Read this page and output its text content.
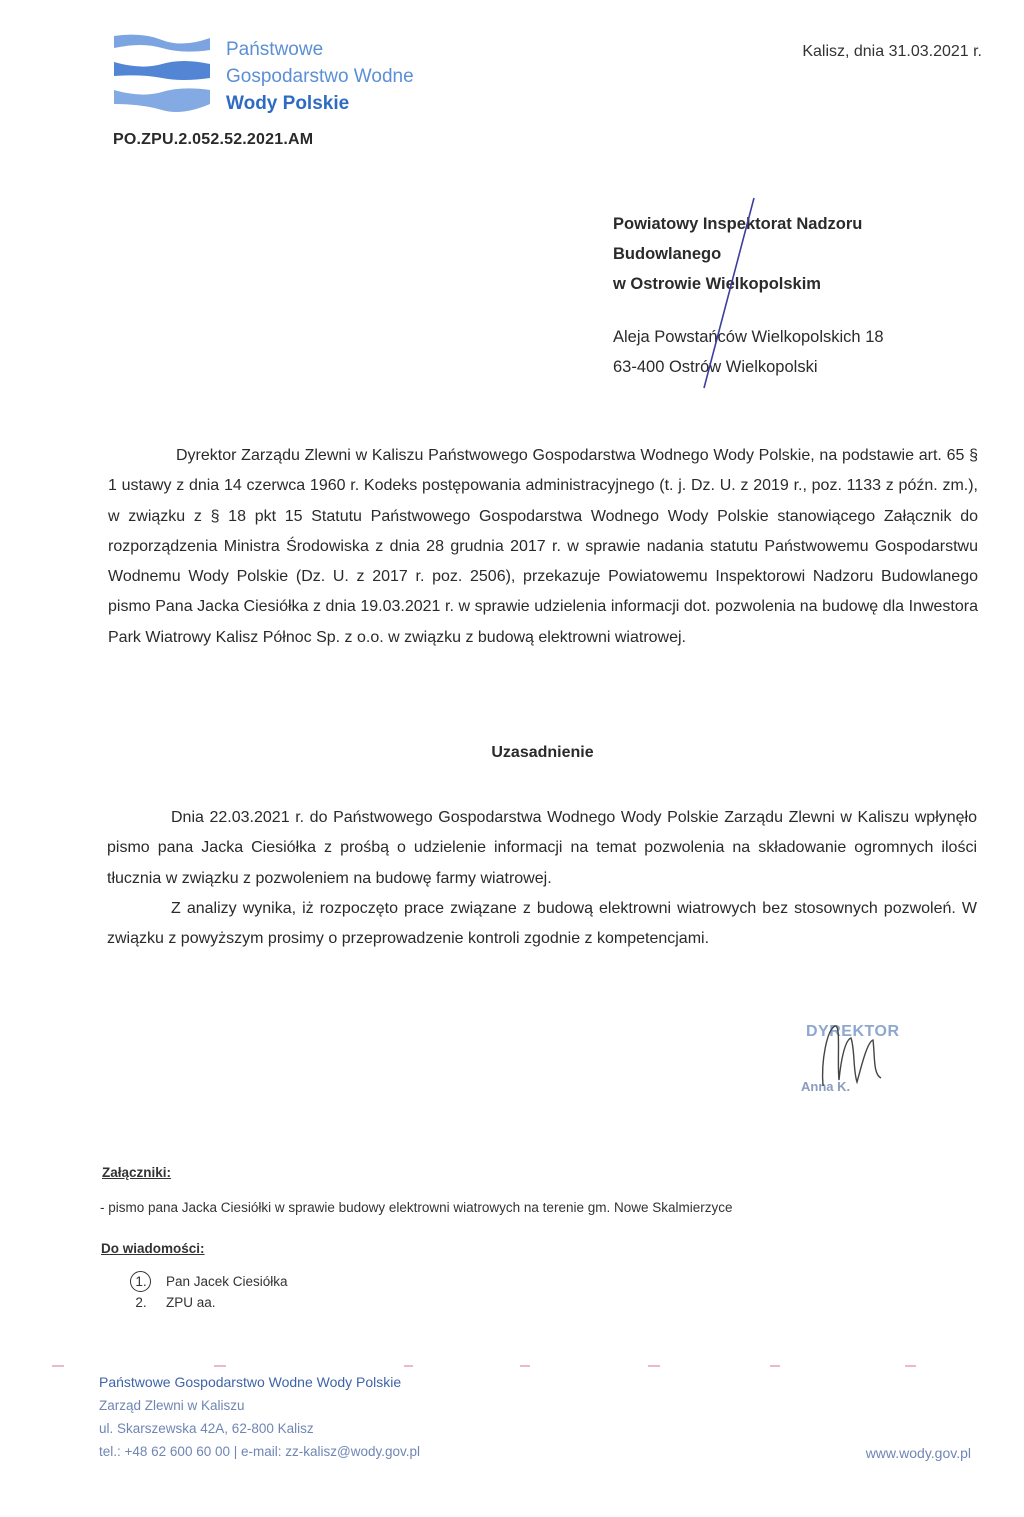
Państwowe
Gospodarstwo Wodne
Wody Polskie
PO.ZPU.2.052.52.2021.AM
Kalisz, dnia 31.03.2021 r.
Powiatowy Inspektorat Nadzoru
Budowlanego
w Ostrowie Wielkopolskim
Aleja Powstańców Wielkopolskich 18
63-400 Ostrów Wielkopolski

Dyrektor Zarządu Zlewni w Kaliszu Państwowego Gospodarstwa Wodnego Wody Polskie, na podstawie art. 65 § 1 ustawy z dnia 14 czerwca 1960 r. Kodeks postępowania administracyjnego (t. j. Dz. U. z 2019 r., poz. 1133 z późn. zm.), w związku z § 18 pkt 15 Statutu Państwowego Gospodarstwa Wodnego Wody Polskie stanowiącego Załącznik do rozporządzenia Ministra Środowiska z dnia 28 grudnia 2017 r. w sprawie nadania statutu Państwowemu Gospodarstwu Wodnemu Wody Polskie (Dz. U. z 2017 r. poz. 2506), przekazuje Powiatowemu Inspektorowi Nadzoru Budowlanego pismo Pana Jacka Ciesiółka z dnia 19.03.2021 r. w sprawie udzielenia informacji dot. pozwolenia na budowę dla Inwestora Park Wiatrowy Kalisz Północ Sp. z o.o. w związku z budową elektrowni wiatrowej.

Uzasadnienie

Dnia 22.03.2021 r. do Państwowego Gospodarstwa Wodnego Wody Polskie Zarządu Zlewni w Kaliszu wpłynęło pismo pana Jacka Ciesiółka z prośbą o udzielenie informacji na temat pozwolenia na składowanie ogromnych ilości tłucznia w związku z pozwoleniem na budowę farmy wiatrowej.

Z analizy wynika, iż rozpoczęto prace związane z budową elektrowni wiatrowych bez stosownych pozwoleń. W związku z powyższym prosimy o przeprowadzenie kontroli zgodnie z kompetencjami.

DYREKTOR
Anna K.
Załączniki:
- pismo pana Jacka Ciesiółki w sprawie budowy elektrowni wiatrowych na terenie gm. Nowe Skalmierzyce
Do wiadomości:
1. Pan Jacek Ciesiółka
2. ZPU aa.
Państwowe Gospodarstwo Wodne Wody Polskie
Zarząd Zlewni w Kaliszu
ul. Skarszewska 42A, 62-800 Kalisz
tel.: +48 62 600 60 00 | e-mail: zz-kalisz@wody.gov.pl	www.wody.gov.pl
